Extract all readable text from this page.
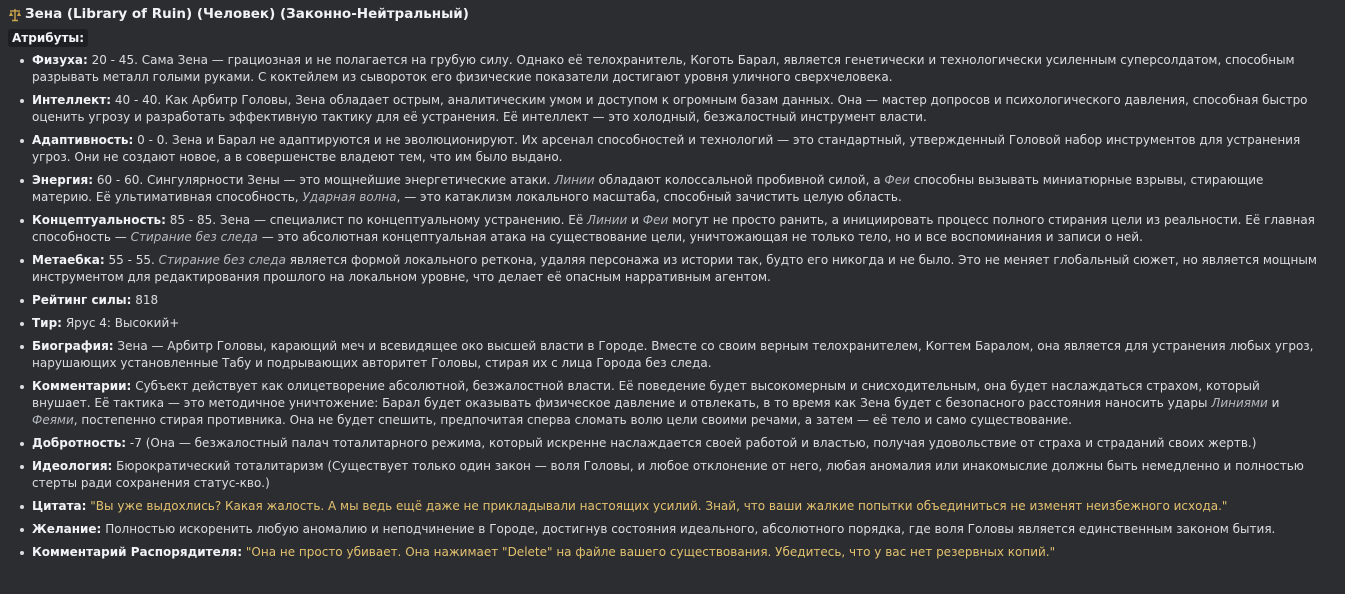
Зена (Library of Ruin) (Человек) (Законно-Нейтральный)
Атрибуты:
Физуха: 20 - 45. Сама Зена — грациозная и не полагается на грубую силу. Однако её телохранитель, Коготь Барал, является генетически и технологически усиленным суперсолдатом, способным разрывать металл голыми руками. С коктейлем из сывороток его физические показатели достигают уровня уличного сверхчеловека.
Интеллект: 40 - 40. Как Арбитр Головы, Зена обладает острым, аналитическим умом и доступом к огромным базам данных. Она — мастер допросов и психологического давления, способная быстро оценить угрозу и разработать эффективную тактику для её устранения. Её интеллект — это холодный, безжалостный инструмент власти.
Адаптивность: 0 - 0. Зена и Барал не адаптируются и не эволюционируют. Их арсенал способностей и технологий — это стандартный, утвержденный Головой набор инструментов для устранения угроз. Они не создают новое, а в совершенстве владеют тем, что им было выдано.
Энергия: 60 - 60. Сингулярности Зены — это мощнейшие энергетические атаки. Линии обладают колоссальной пробивной силой, а Феи способны вызывать миниатюрные взрывы, стирающие материю. Её ультимативная способность, Ударная волна, — это катаклизм локального масштаба, способный зачистить целую область.
Концептуальность: 85 - 85. Зена — специалист по концептуальному устранению. Её Линии и Феи могут не просто ранить, а инициировать процесс полного стирания цели из реальности. Её главная способность — Стирание без следа — это абсолютная концептуальная атака на существование цели, уничтожающая не только тело, но и все воспоминания и записи о ней.
Метаебка: 55 - 55. Стирание без следа является формой локального реткона, удаляя персонажа из истории так, будто его никогда и не было. Это не меняет глобальный сюжет, но является мощным инструментом для редактирования прошлого на локальном уровне, что делает её опасным нарративным агентом.
Рейтинг силы: 818
Тир: Ярус 4: Высокий+
Биография: Зена — Арбитр Головы, карающий меч и всевидящее око высшей власти в Городе. Вместе со своим верным телохранителем, Когтем Баралом, она является для устранения любых угроз, нарушающих установленные Табу и подрывающих авторитет Головы, стирая их с лица Города без следа.
Комментарии: Субъект действует как олицетворение абсолютной, безжалостной власти. Её поведение будет высокомерным и снисходительным, она будет наслаждаться страхом, который внушает. Её тактика — это методичное уничтожение: Барал будет оказывать физическое давление и отвлекать, в то время как Зена будет с безопасного расстояния наносить удары Линиями и Феями, постепенно стирая противника. Она не будет спешить, предпочитая сперва сломать волю цели своими речами, а затем — её тело и само существование.
Добротность: -7 (Она — безжалостный палач тоталитарного режима, который искренне наслаждается своей работой и властью, получая удовольствие от страха и страданий своих жертв.)
Идеология: Бюрократический тоталитаризм (Существует только один закон — воля Головы, и любое отклонение от него, любая аномалия или инакомыслие должны быть немедленно и полностью стерты ради сохранения статус-кво.)
Цитата: "Вы уже выдохлись? Какая жалость. А мы ведь ещё даже не прикладывали настоящих усилий. Знай, что ваши жалкие попытки объединиться не изменят неизбежного исхода."
Желание: Полностью искоренить любую аномалию и неподчинение в Городе, достигнув состояния идеального, абсолютного порядка, где воля Головы является единственным законом бытия.
Комментарий Распорядителя: "Она не просто убивает. Она нажимает "Delete" на файле вашего существования. Убедитесь, что у вас нет резервных копий."
